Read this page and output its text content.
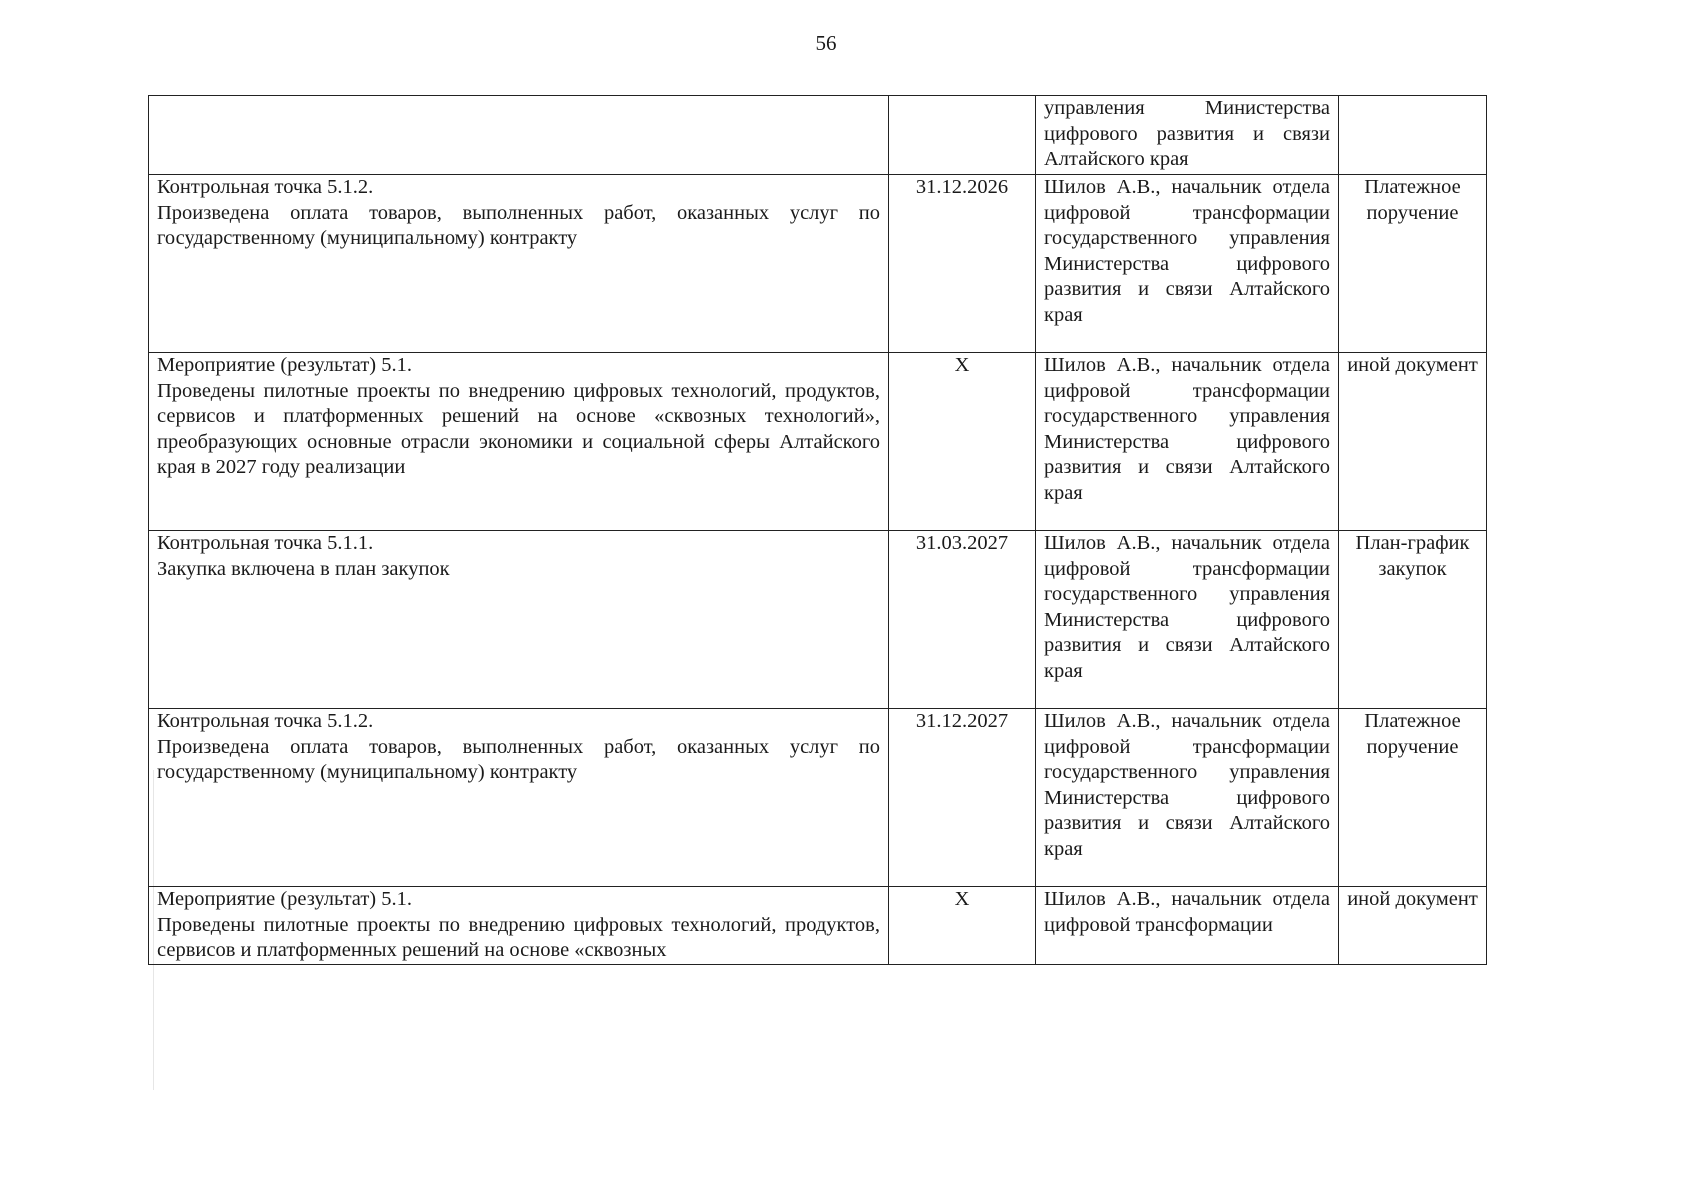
56
		управления Министерства цифрового развития и связи Алтайского края	

Контрольная точка 5.1.2.
Произведена оплата товаров, выполненных работ, оказанных услуг по государственному (муниципальному) контракту	31.12.2026	Шилов А.В., начальник отдела цифровой трансформации государственного управления Министерства цифрового развития и связи Алтайского края	Платежное поручение

Мероприятие (результат) 5.1.
Проведены пилотные проекты по внедрению цифровых технологий, продуктов, сервисов и платформенных решений на основе «сквозных технологий», преобразующих основные отрасли экономики и социальной сферы Алтайского края в 2027 году реализации	Х	Шилов А.В., начальник отдела цифровой трансформации государственного управления Министерства цифрового развития и связи Алтайского края	иной документ

Контрольная точка 5.1.1.
Закупка включена в план закупок	31.03.2027	Шилов А.В., начальник отдела цифровой трансформации государственного управления Министерства цифрового развития и связи Алтайского края	План-график закупок

Контрольная точка 5.1.2.
Произведена оплата товаров, выполненных работ, оказанных услуг по государственному (муниципальному) контракту	31.12.2027	Шилов А.В., начальник отдела цифровой трансформации государственного управления Министерства цифрового развития и связи Алтайского края	Платежное поручение

Мероприятие (результат) 5.1.
Проведены пилотные проекты по внедрению цифровых технологий, продуктов, сервисов и платформенных решений на основе «сквозных	Х	Шилов А.В., начальник отдела цифровой трансформации	иной документ
